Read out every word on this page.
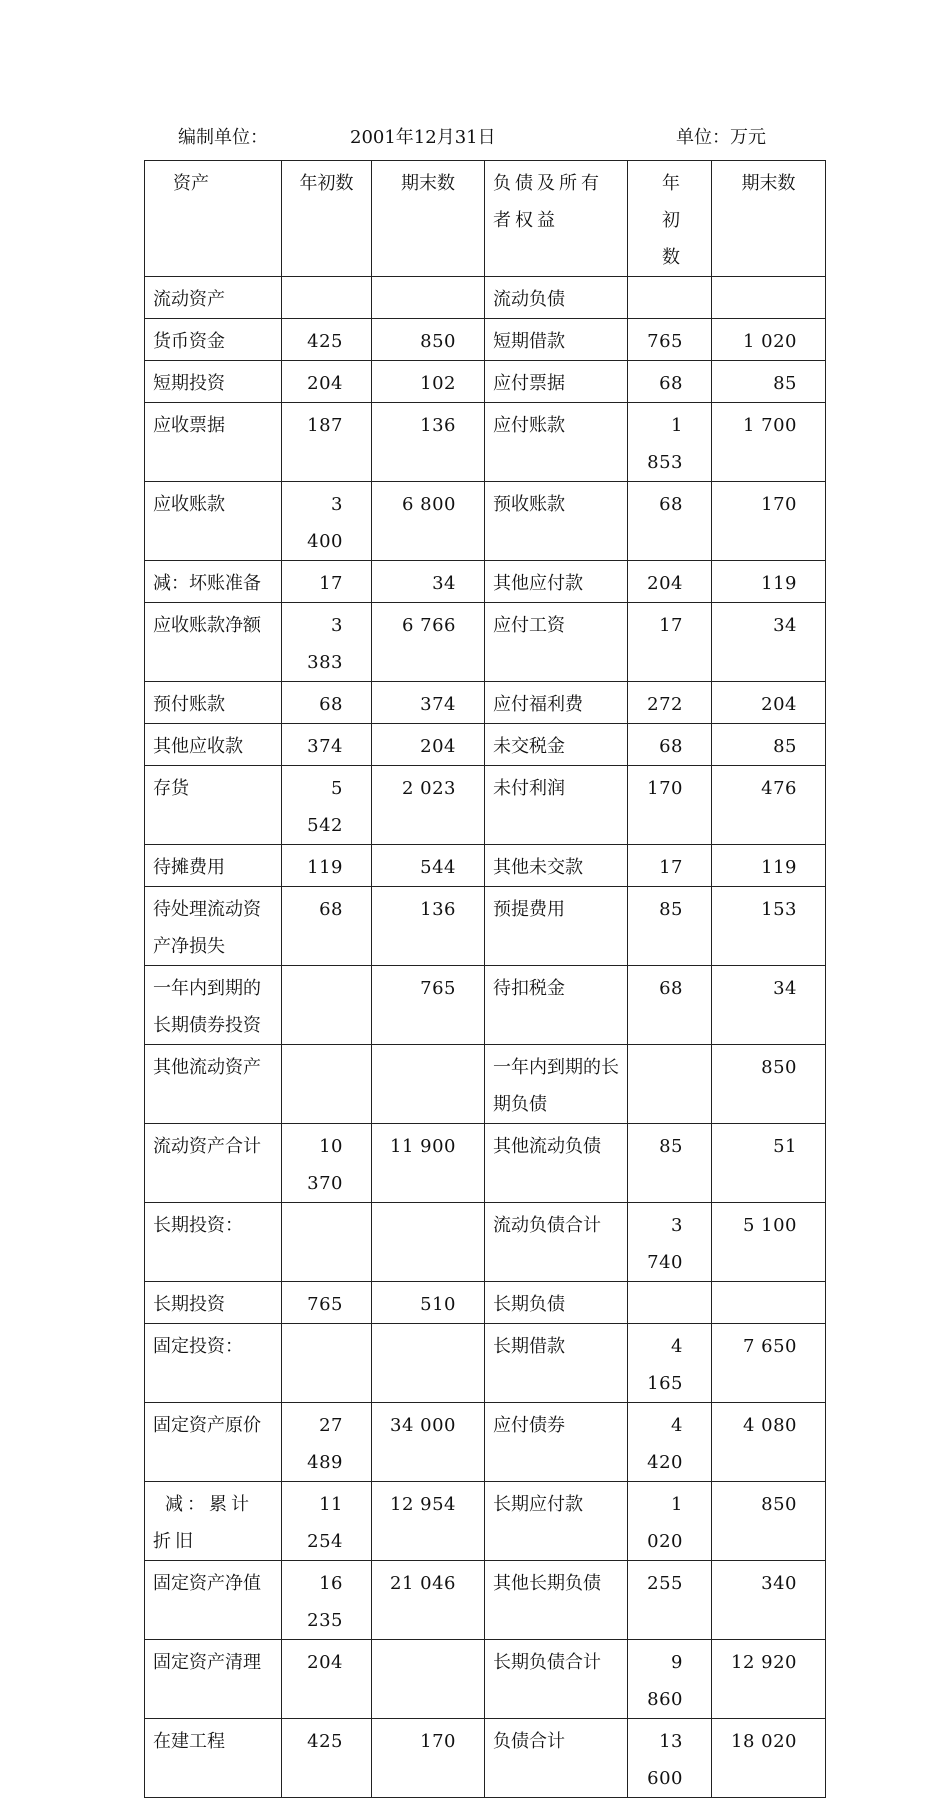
编制单位：	2001年12月31日	单位：万元
资产	年初数	期末数	负债及所有者权益	年初数	期末数
流动资产			流动负债		
货币资金	425	850	短期借款	765	1 020
短期投资	204	102	应付票据	68	85
应收票据	187	136	应付账款	1 853	1 700
应收账款	3 400	6 800	预收账款	68	170
减：坏账准备	17	34	其他应付款	204	119
应收账款净额	3 383	6 766	应付工资	17	34
预付账款	68	374	应付福利费	272	204
其他应收款	374	204	未交税金	68	85
存货	5 542	2 023	未付利润	170	476
待摊费用	119	544	其他未交款	17	119
待处理流动资产净损失	68	136	预提费用	85	153
一年内到期的长期债券投资		765	待扣税金	68	34
其他流动资产			一年内到期的长期负债		850
流动资产合计	10 370	11 900	其他流动负债	85	51
长期投资：			流动负债合计	3 740	5 100
长期投资	765	510	长期负债		
固定投资：			长期借款	4 165	7 650
固定资产原价	27 489	34 000	应付债券	4 420	4 080
减：累计折旧	11 254	12 954	长期应付款	1 020	850
固定资产净值	16 235	21 046	其他长期负债	255	340
固定资产清理	204		长期负债合计	9 860	12 920
在建工程	425	170	负债合计	13 600	18 020
